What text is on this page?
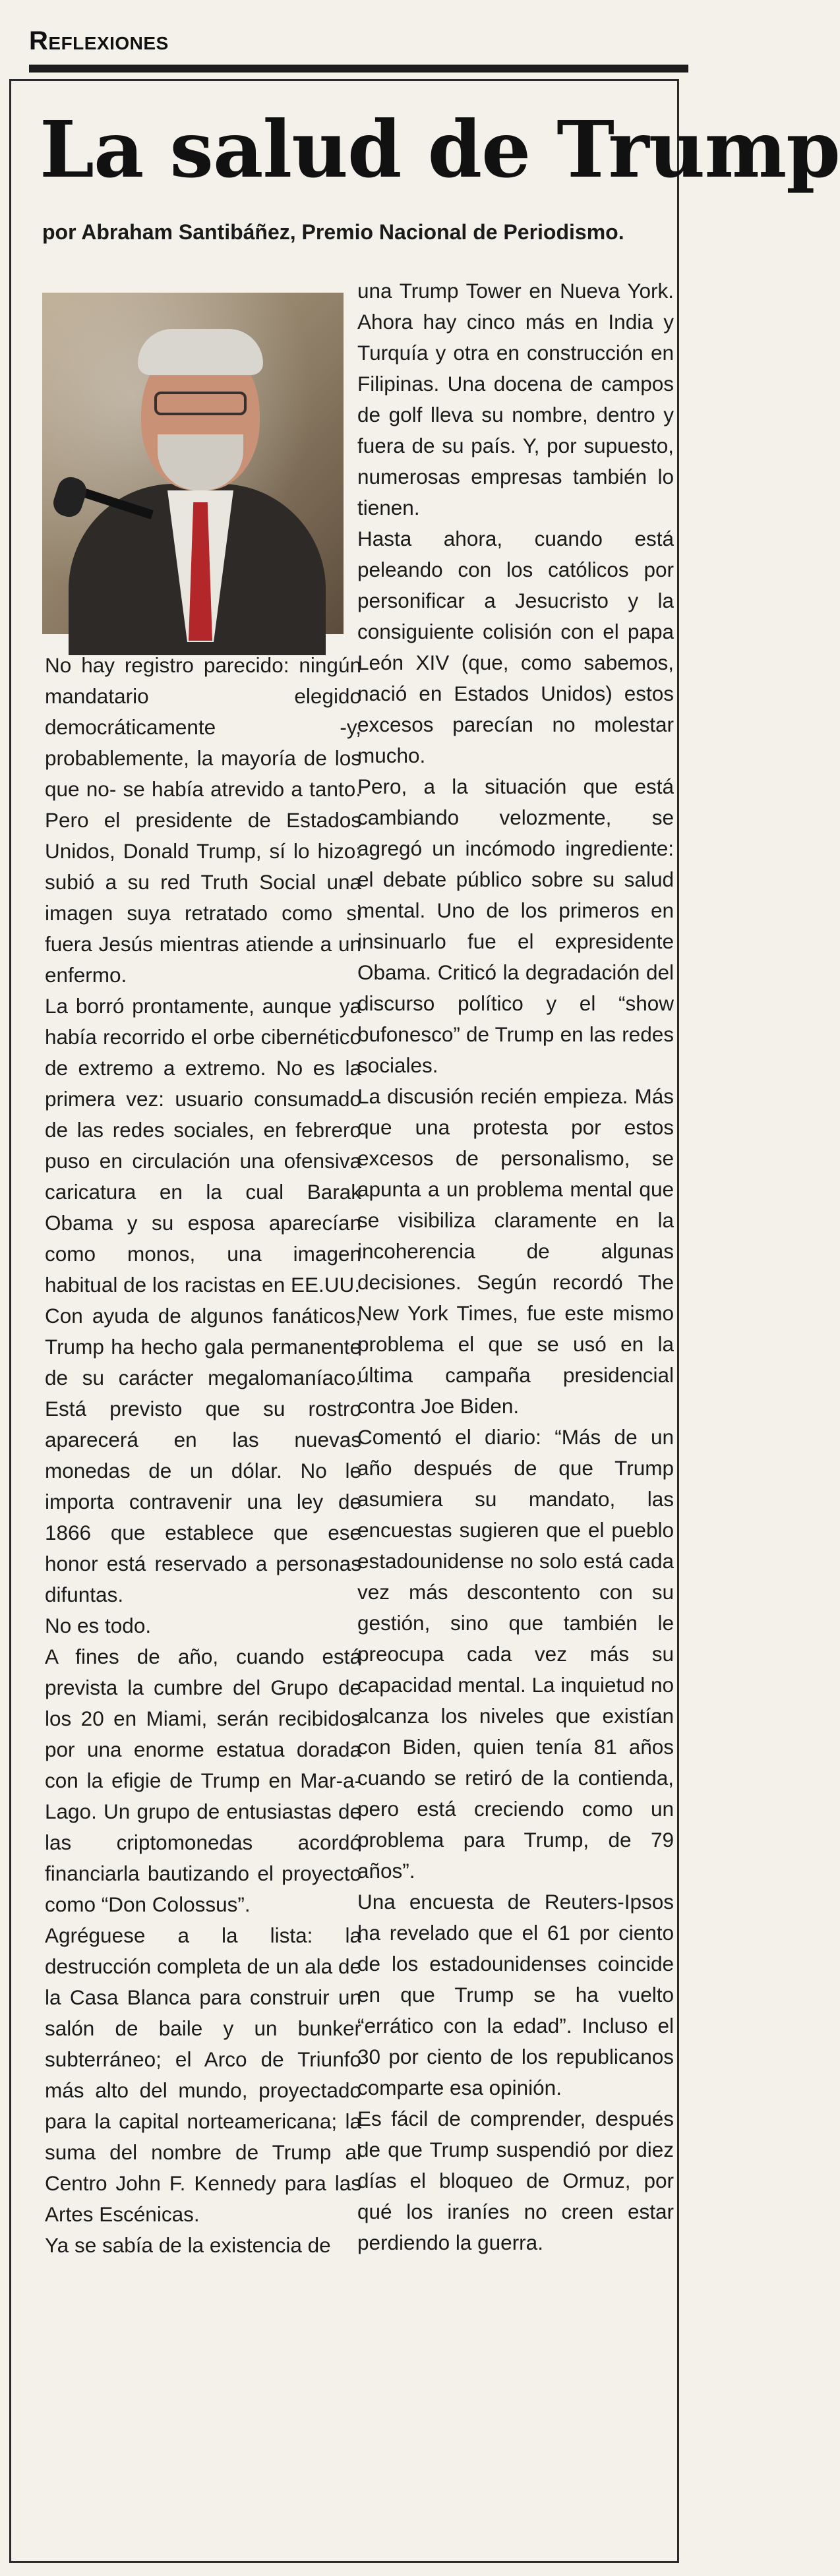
Reflexiones
La salud de Trump
por Abraham Santibáñez, Premio Nacional de Periodismo.

No hay registro parecido: ningún mandatario elegido democráticamente -y, probablemente, la mayoría de los que no- se había atrevido a tanto. Pero el presidente de Estados Unidos, Donald Trump, sí lo hizo: subió a su red Truth Social una imagen suya retratado como si fuera Jesús mientras atiende a un enfermo.

La borró prontamente, aunque ya había recorrido el orbe cibernético de extremo a extremo. No es la primera vez: usuario consumado de las redes sociales, en febrero puso en circulación una ofensiva caricatura en la cual Barak Obama y su esposa aparecían como monos, una imagen habitual de los racistas en EE.UU.

Con ayuda de algunos fanáticos, Trump ha hecho gala permanente de su carácter megalomaníaco. Está previsto que su rostro aparecerá en las nuevas monedas de un dólar. No le importa contravenir una ley de 1866 que establece que ese honor está reservado a personas difuntas.

No es todo.

A fines de año, cuando está prevista la cumbre del Grupo de los 20 en Miami, serán recibidos por una enorme estatua dorada con la efigie de Trump en Mar-a-Lago. Un grupo de entusiastas de las criptomonedas acordó financiarla bautizando el proyecto como “Don Colossus”.

Agréguese a la lista: la destrucción completa de un ala de la Casa Blanca para construir un salón de baile y un bunker subterráneo; el Arco de Triunfo más alto del mundo, proyectado para la capital norteamericana; la suma del nombre de Trump al Centro John F. Kennedy para las Artes Escénicas.

Ya se sabía de la existencia de

una Trump Tower en Nueva York. Ahora hay cinco más en India y Turquía y otra en construcción en Filipinas. Una docena de campos de golf lleva su nombre, dentro y fuera de su país. Y, por supuesto, numerosas empresas también lo tienen.

Hasta ahora, cuando está peleando con los católicos por personificar a Jesucristo y la consiguiente colisión con el papa León XIV (que, como sabemos, nació en Estados Unidos) estos excesos parecían no molestar mucho.

Pero, a la situación que está cambiando velozmente, se agregó un incómodo ingrediente: el debate público sobre su salud mental. Uno de los primeros en insinuarlo fue el expresidente Obama. Criticó la degradación del discurso político y el “show bufonesco” de Trump en las redes sociales.

La discusión recién empieza. Más que una protesta por estos excesos de personalismo, se apunta a un problema mental que se visibiliza claramente en la incoherencia de algunas decisiones. Según recordó The New York Times, fue este mismo problema el que se usó en la última campaña presidencial contra Joe Biden.

Comentó el diario: “Más de un año después de que Trump asumiera su mandato, las encuestas sugieren que el pueblo estadounidense no solo está cada vez más descontento con su gestión, sino que también le preocupa cada vez más su capacidad mental. La inquietud no alcanza los niveles que existían con Biden, quien tenía 81 años cuando se retiró de la contienda, pero está creciendo como un problema para Trump, de 79 años”.

Una encuesta de Reuters-Ipsos ha revelado que el 61 por ciento de los estadounidenses coincide en que Trump se ha vuelto “errático con la edad”. Incluso el 30 por ciento de los republicanos comparte esa opinión.

Es fácil de comprender, después de que Trump suspendió por diez días el bloqueo de Ormuz, por qué los iraníes no creen estar perdiendo la guerra.
